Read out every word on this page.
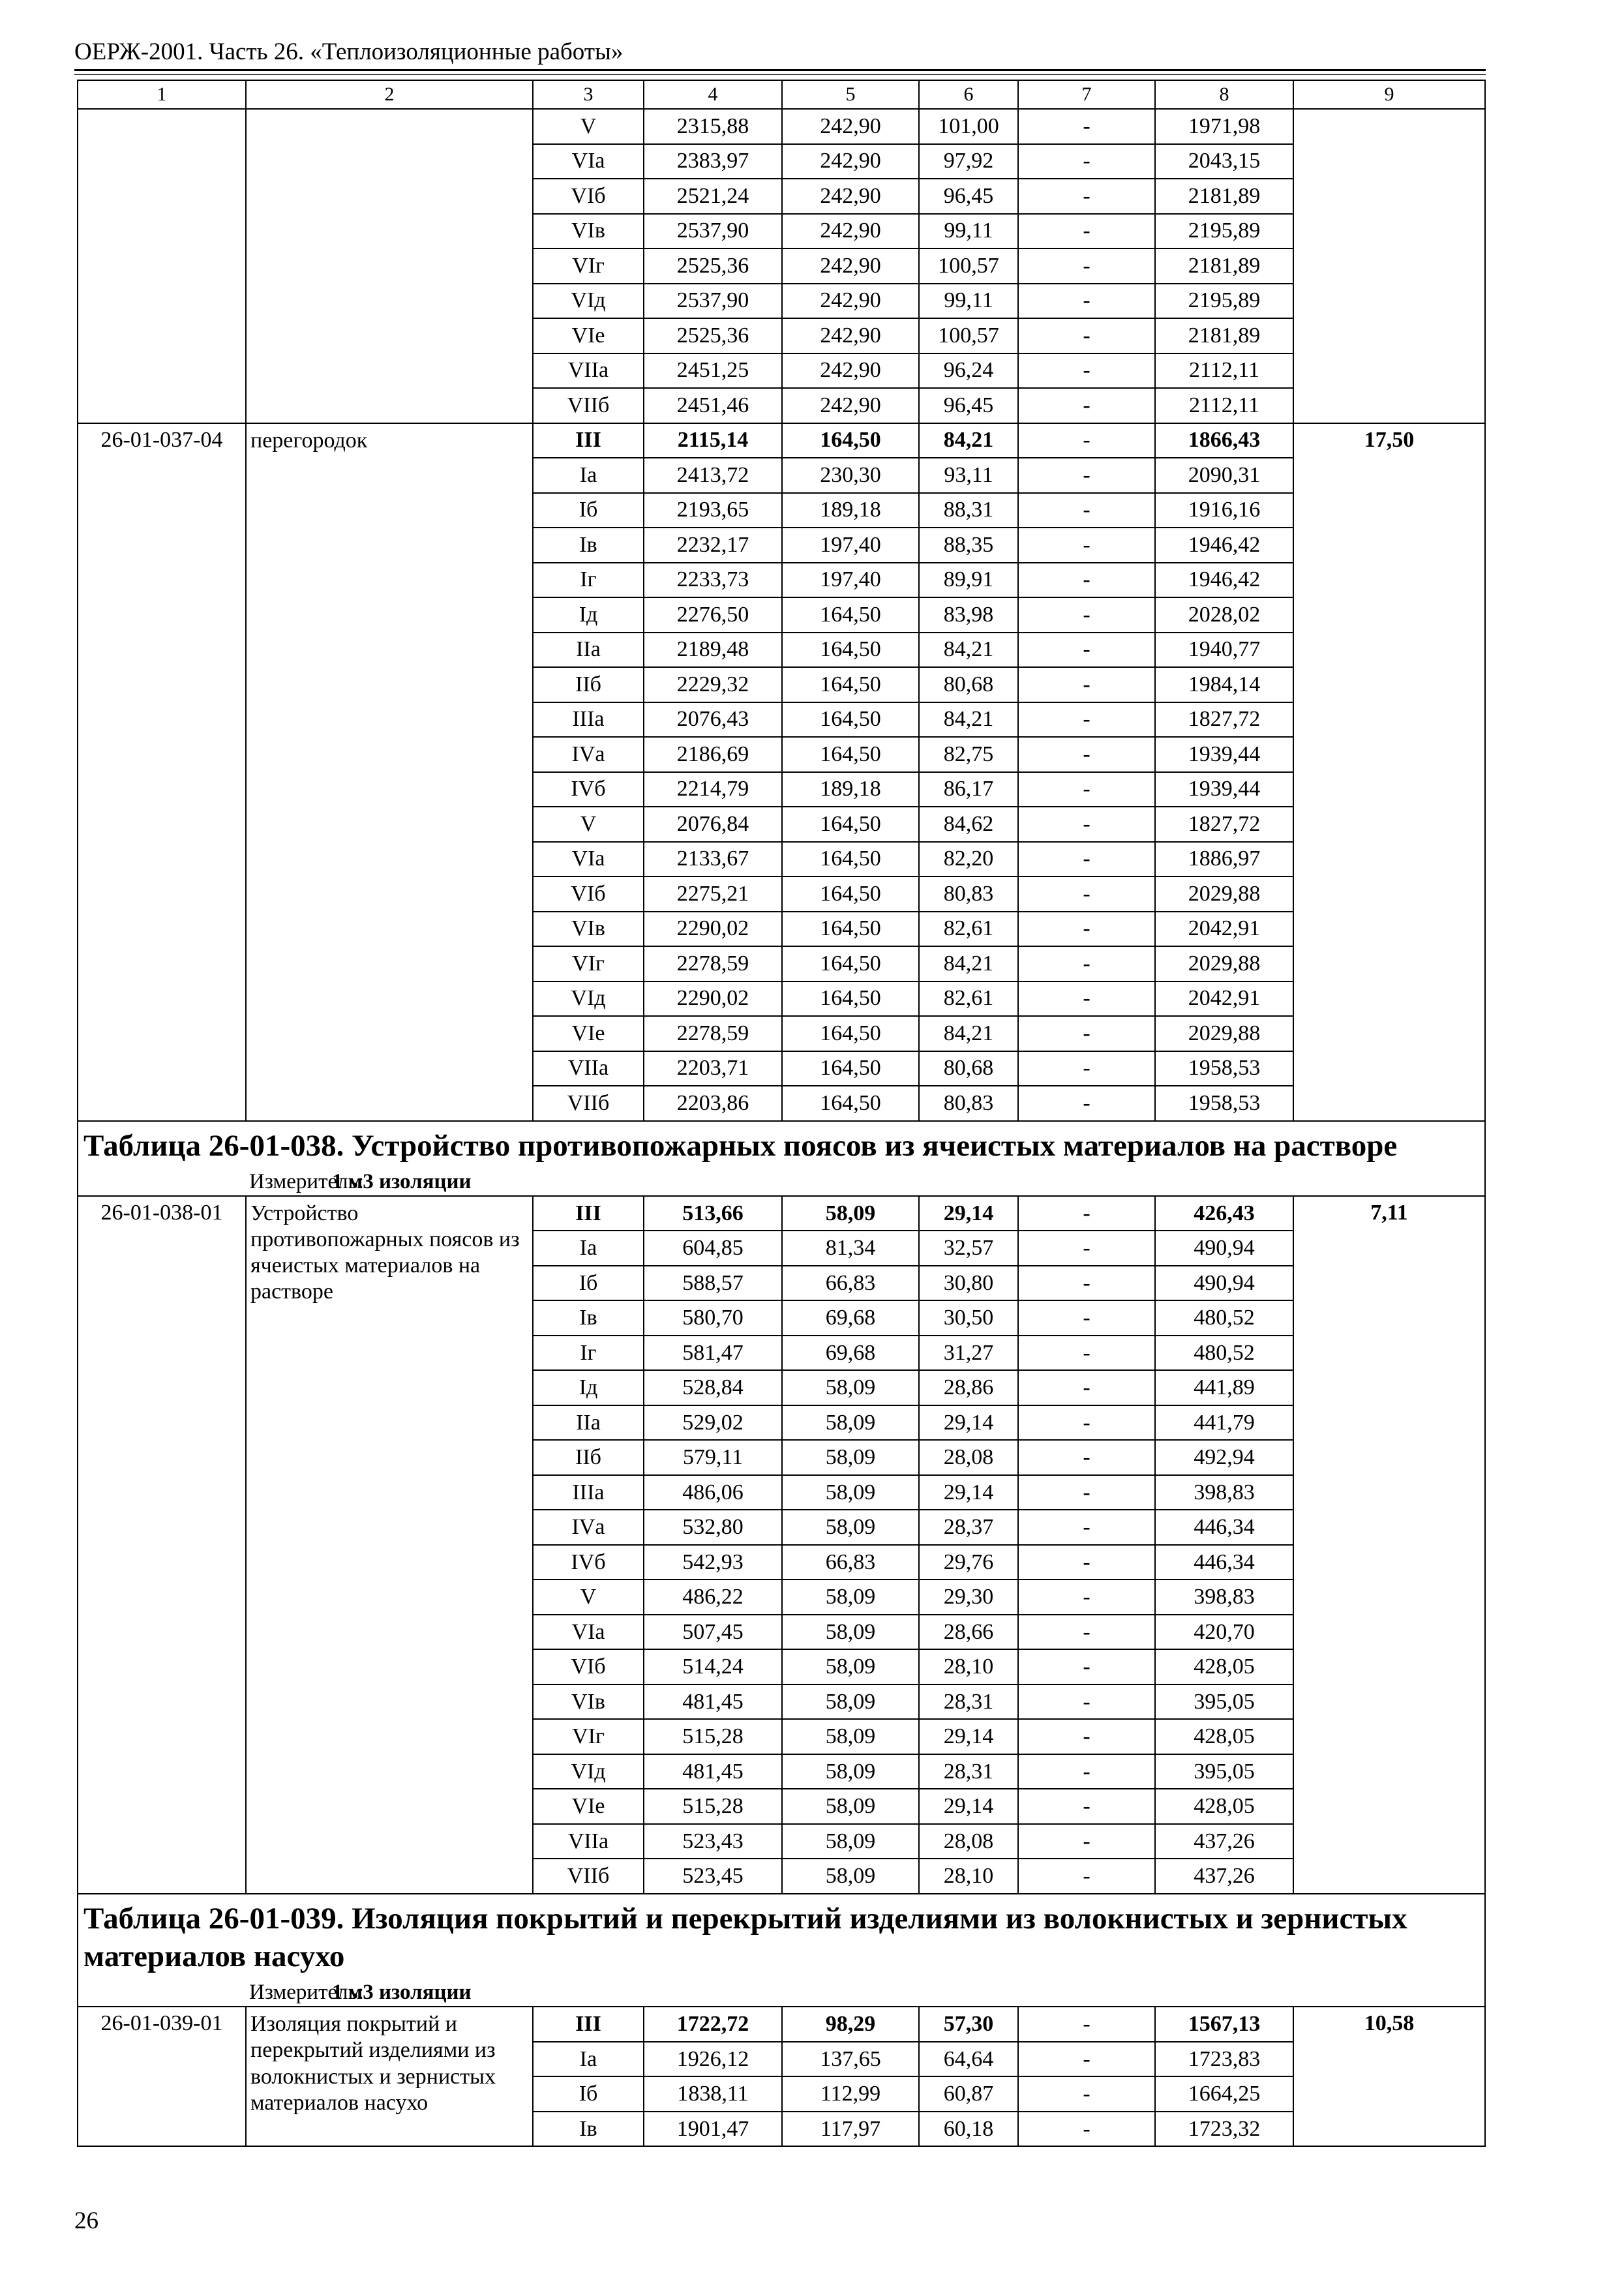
ОЕРЖ-2001. Часть 26. «Теплоизоляционные работы»
1	2	3	4	5	6	7	8	9
		V	2315,88	242,90	101,00	-	1971,98	
		VIа	2383,97	242,90	97,92	-	2043,15	
		VIб	2521,24	242,90	96,45	-	2181,89	
		VIв	2537,90	242,90	99,11	-	2195,89	
		VIг	2525,36	242,90	100,57	-	2181,89	
		VIд	2537,90	242,90	99,11	-	2195,89	
		VIе	2525,36	242,90	100,57	-	2181,89	
		VIIа	2451,25	242,90	96,24	-	2112,11	
		VIIб	2451,46	242,90	96,45	-	2112,11	
26-01-037-04	перегородок	III	2115,14	164,50	84,21	-	1866,43	17,50
		Iа	2413,72	230,30	93,11	-	2090,31	
		Iб	2193,65	189,18	88,31	-	1916,16	
		Iв	2232,17	197,40	88,35	-	1946,42	
		Iг	2233,73	197,40	89,91	-	1946,42	
		Iд	2276,50	164,50	83,98	-	2028,02	
		IIа	2189,48	164,50	84,21	-	1940,77	
		IIб	2229,32	164,50	80,68	-	1984,14	
		IIIа	2076,43	164,50	84,21	-	1827,72	
		IVа	2186,69	164,50	82,75	-	1939,44	
		IVб	2214,79	189,18	86,17	-	1939,44	
		V	2076,84	164,50	84,62	-	1827,72	
		VIа	2133,67	164,50	82,20	-	1886,97	
		VIб	2275,21	164,50	80,83	-	2029,88	
		VIв	2290,02	164,50	82,61	-	2042,91	
		VIг	2278,59	164,50	84,21	-	2029,88	
		VIд	2290,02	164,50	82,61	-	2042,91	
		VIе	2278,59	164,50	84,21	-	2029,88	
		VIIа	2203,71	164,50	80,68	-	1958,53	
		VIIб	2203,86	164,50	80,83	-	1958,53	

Таблица 26-01-038. Устройство противопожарных поясов из ячеистых материалов на растворе
Измеритель:1 м3 изоляции								

26-01-038-01	Устройство противопожарных поясов из ячеистых материалов на растворе	III	513,66	58,09	29,14	-	426,43	7,11
		Iа	604,85	81,34	32,57	-	490,94	
		Iб	588,57	66,83	30,80	-	490,94	
		Iв	580,70	69,68	30,50	-	480,52	
		Iг	581,47	69,68	31,27	-	480,52	
		Iд	528,84	58,09	28,86	-	441,89	
		IIа	529,02	58,09	29,14	-	441,79	
		IIб	579,11	58,09	28,08	-	492,94	
		IIIа	486,06	58,09	29,14	-	398,83	
		IVа	532,80	58,09	28,37	-	446,34	
		IVб	542,93	66,83	29,76	-	446,34	
		V	486,22	58,09	29,30	-	398,83	
		VIа	507,45	58,09	28,66	-	420,70	
		VIб	514,24	58,09	28,10	-	428,05	
		VIв	481,45	58,09	28,31	-	395,05	
		VIг	515,28	58,09	29,14	-	428,05	
		VIд	481,45	58,09	28,31	-	395,05	
		VIе	515,28	58,09	29,14	-	428,05	
		VIIа	523,43	58,09	28,08	-	437,26	
		VIIб	523,45	58,09	28,10	-	437,26	

Таблица 26-01-039. Изоляция покрытий и перекрытий изделиями из волокнистых и зернистых материалов насухо
Измеритель:1 м3 изоляции								

26-01-039-01	Изоляция покрытий и перекрытий изделиями из волокнистых и зернистых материалов насухо	III	1722,72	98,29	57,30	-	1567,13	10,58
		Iа	1926,12	137,65	64,64	-	1723,83	
		Iб	1838,11	112,99	60,87	-	1664,25	
		Iв	1901,47	117,97	60,18	-	1723,32	
26
